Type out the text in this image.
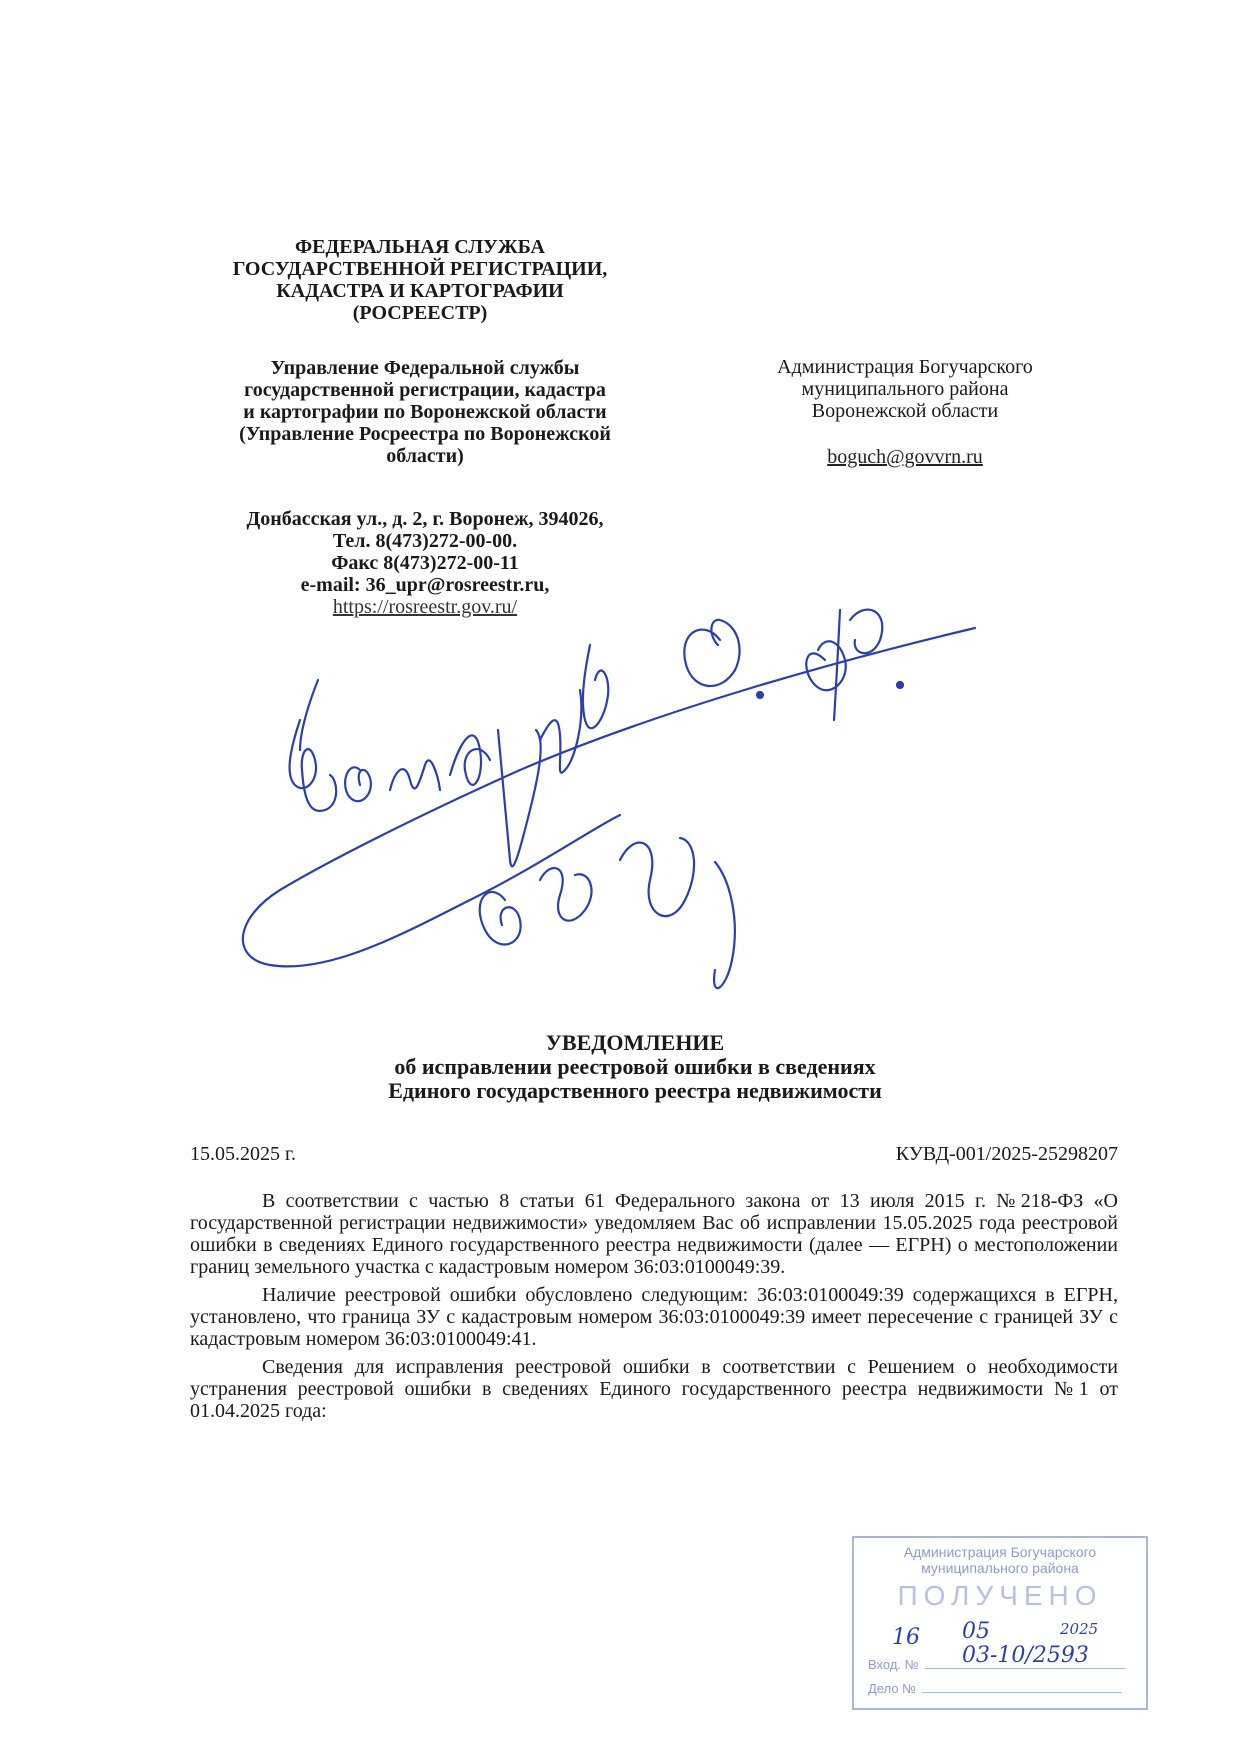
ФЕДЕРАЛЬНАЯ СЛУЖБА
ГОСУДАРСТВЕННОЙ РЕГИСТРАЦИИ,
КАДАСТРА И КАРТОГРАФИИ
(РОСРЕЕСТР)
Управление Федеральной службы
государственной регистрации, кадастра
и картографии по Воронежской области
(Управление Росреестра по Воронежской
области)
Донбасская ул., д. 2, г. Воронеж, 394026,
Тел. 8(473)272-00-00.
Факс 8(473)272-00-11
e-mail: 36_upr@rosreestr.ru,
https://rosreestr.gov.ru/
Администрация Богучарского
муниципального района
Воронежской области
boguch@govvrn.ru
УВЕДОМЛЕНИЕ
об исправлении реестровой ошибки в сведениях
Единого государственного реестра недвижимости
15.05.2025 г.	КУВД-001/2025-25298207

В соответствии с частью 8 статьи 61 Федерального закона от 13 июля 2015 г. №218-ФЗ «О государственной регистрации недвижимости» уведомляем Вас об исправлении 15.05.2025 года реестровой ошибки в сведениях Единого государственного реестра недвижимости (далее — ЕГРН) о местоположении границ земельного участка с кадастровым номером 36:03:0100049:39.

Наличие реестровой ошибки обусловлено следующим: 36:03:0100049:39 содержащихся в ЕГРН, установлено, что граница ЗУ с кадастровым номером 36:03:0100049:39 имеет пересечение с границей ЗУ с кадастровым номером 36:03:0100049:41.

Сведения для исправления реестровой ошибки в соответствии с Решением о необходимости устранения реестровой ошибки в сведениях Единого государственного реестра недвижимости №1 от 01.04.2025 года:

Администрация Богучарского
муниципального района
ПОЛУЧЕНО
Вход. №
Дело №
16 05	2025
03-10/2593
